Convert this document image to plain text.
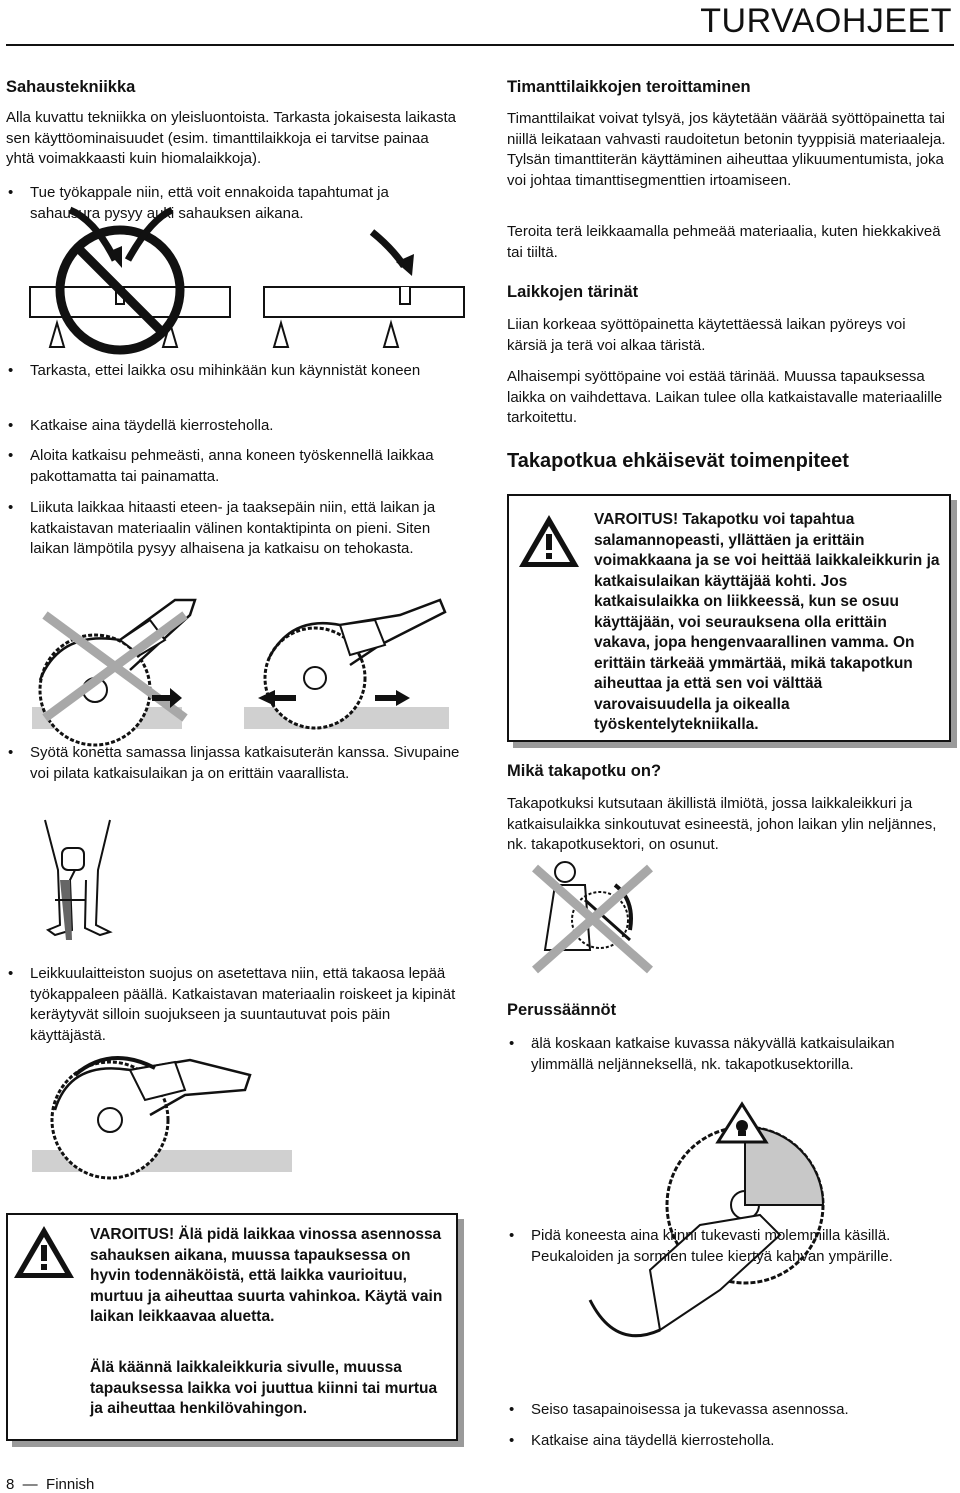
TURVAOHJEET
Sahaustekniikka

Alla kuvattu tekniikka on yleisluontoista. Tarkasta jokaisesta laikasta sen käyttöominaisuudet (esim. timanttilaikkoja ei tarvitse painaa yhtä voimakkaasti kuin hiomalaikkoja).

• Tue työkappale niin, että voit ennakoida tapahtumat ja sahausura pysyy auki sahauksen aikana.
• Tarkasta, ettei laikka osu mihinkään kun käynnistät koneen
• Katkaise aina täydellä kierrosteholla.
• Aloita katkaisu pehmeästi, anna koneen työskennellä laikkaa pakottamatta tai painamatta.
• Liikuta laikkaa hitaasti eteen- ja taaksepäin niin, että laikan ja katkaistavan materiaalin välinen kontaktipinta on pieni. Siten laikan lämpötila pysyy alhaisena ja katkaisu on tehokasta.
• Syötä konetta samassa linjassa katkaisuterän kanssa. Sivupaine voi pilata katkaisulaikan ja on erittäin vaarallista.
• Leikkuulaitteiston suojus on asetettava niin, että takaosa lepää työkappaleen päällä. Katkaistavan materiaalin roiskeet ja kipinät keräytyvät silloin suojukseen ja suuntautuvat pois päin käyttäjästä.
VAROITUS! Älä pidä laikkaa vinossa asennossa sahauksen aikana, muussa tapauksessa on hyvin todennäköistä, että laikka vaurioituu, murtuu ja aiheuttaa suurta vahinkoa. Käytä vain laikan leikkaavaa aluetta.
Älä käännä laikkaleikkuria sivulle, muussa tapauksessa laikka voi juuttua kiinni tai murtua ja aiheuttaa henkilövahingon.
Timanttilaikkojen teroittaminen

Timanttilaikat voivat tylsyä, jos käytetään väärää syöttöpainetta tai niillä leikataan vahvasti raudoitetun betonin tyyppisiä materiaaleja. Tylsän timanttiterän käyttäminen aiheuttaa ylikuumentumista, joka voi johtaa timanttisegmenttien irtoamiseen.

Teroita terä leikkaamalla pehmeää materiaalia, kuten hiekkakiveä tai tiiltä.

Laikkojen tärinät

Liian korkeaa syöttöpainetta käytettäessä laikan pyöreys voi kärsiä ja terä voi alkaa täristä.

Alhaisempi syöttöpaine voi estää tärinää. Muussa tapauksessa laikka on vaihdettava. Laikan tulee olla katkaistavalle materiaalille tarkoitettu.

Takapotkua ehkäisevät toimenpiteet
VAROITUS! Takapotku voi tapahtua salamannopeasti, yllättäen ja erittäin voimakkaana ja se voi heittää laikkaleikkurin ja katkaisulaikan käyttäjää kohti. Jos katkaisulaikka on liikkeessä, kun se osuu käyttäjään, voi seurauksena olla erittäin vakava, jopa hengenvaarallinen vamma. On erittäin tärkeää ymmärtää, mikä takapotkun aiheuttaa ja että sen voi välttää varovaisuudella ja oikealla työskentelytekniikalla.
Mikä takapotku on?

Takapotkuksi kutsutaan äkillistä ilmiötä, jossa laikkaleikkuri ja katkaisulaikka sinkoutuvat esineestä, johon laikan ylin neljännes, nk. takapotkusektori, on osunut.

Perussäännöt
• älä koskaan katkaise kuvassa näkyvällä katkaisulaikan ylimmällä neljänneksellä, nk. takapotkusektorilla.
• Pidä koneesta aina kiinni tukevasti molemmilla käsillä. Peukaloiden ja sormien tulee kiertyä kahvan ympärille.
• Seiso tasapainoisessa ja tukevassa asennossa.
• Katkaise aina täydellä kierrosteholla.
8  —  Finnish
